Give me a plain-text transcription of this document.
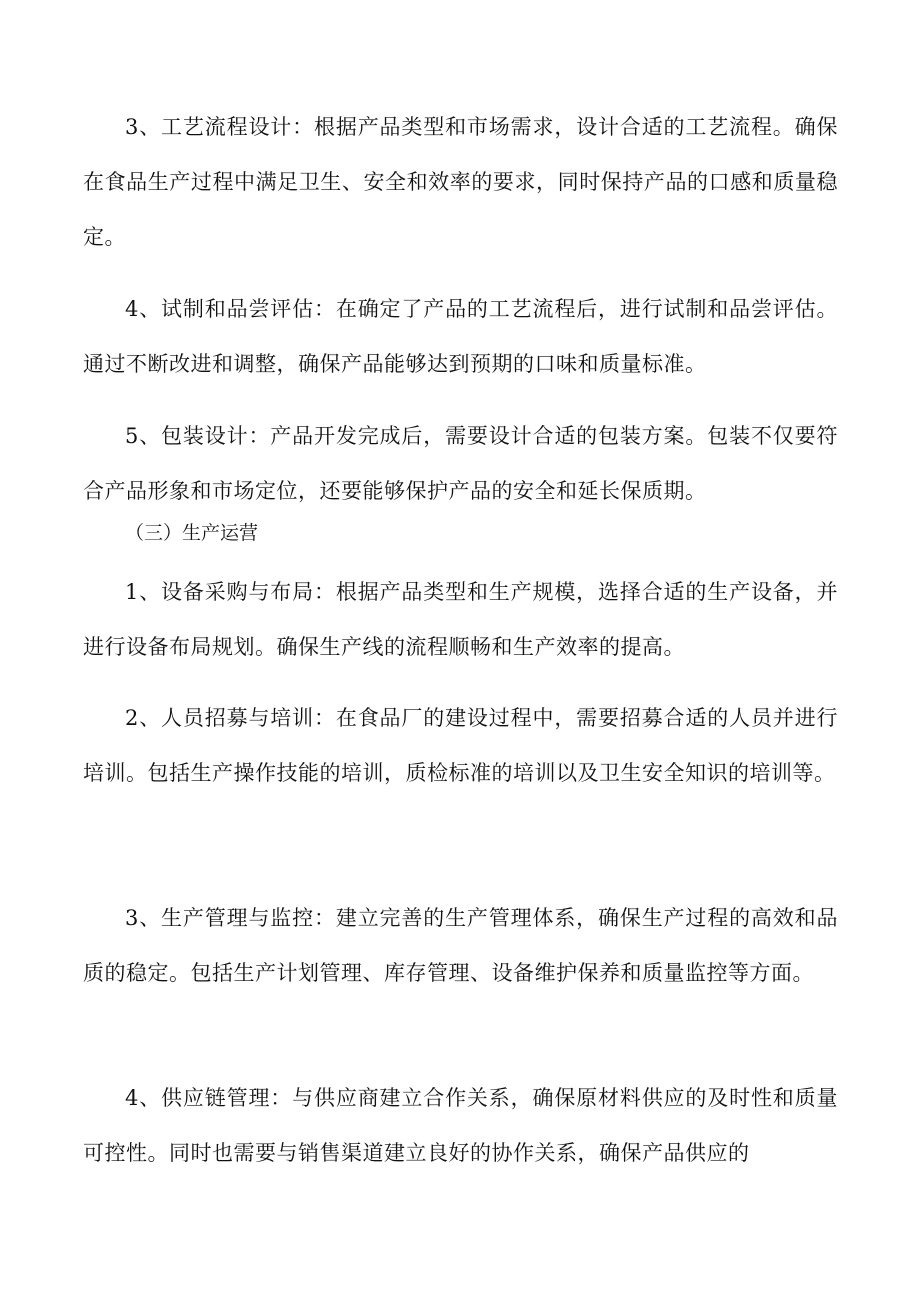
3、工艺流程设计：根据产品类型和市场需求，设计合适的工艺流程。确保在食品生产过程中满足卫生、安全和效率的要求，同时保持产品的口感和质量稳定。

4、试制和品尝评估：在确定了产品的工艺流程后，进行试制和品尝评估。通过不断改进和调整，确保产品能够达到预期的口味和质量标准。

5、包装设计：产品开发完成后，需要设计合适的包装方案。包装不仅要符合产品形象和市场定位，还要能够保护产品的安全和延长保质期。

（三）生产运营

1、设备采购与布局：根据产品类型和生产规模，选择合适的生产设备，并进行设备布局规划。确保生产线的流程顺畅和生产效率的提高。

2、人员招募与培训：在食品厂的建设过程中，需要招募合适的人员并进行培训。包括生产操作技能的培训，质检标准的培训以及卫生安全知识的培训等。

3、生产管理与监控：建立完善的生产管理体系，确保生产过程的高效和品质的稳定。包括生产计划管理、库存管理、设备维护保养和质量监控等方面。

4、供应链管理：与供应商建立合作关系，确保原材料供应的及时性和质量可控性。同时也需要与销售渠道建立良好的协作关系，确保产品供应的
